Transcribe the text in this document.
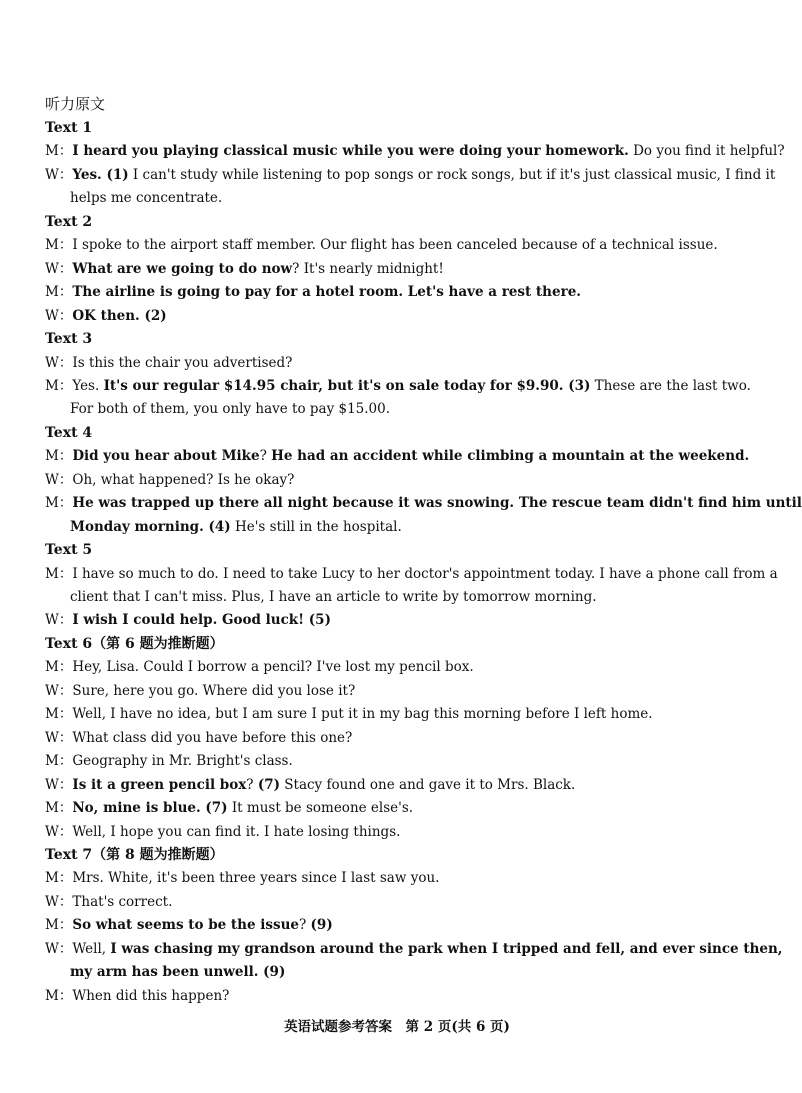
听力原文
Text 1
M：I heard you playing classical music while you were doing your homework. Do you find it helpful?
W：Yes. (1) I can't study while listening to pop songs or rock songs, but if it's just classical music, I find it
helps me concentrate.
Text 2
M：I spoke to the airport staff member. Our flight has been canceled because of a technical issue.
W：What are we going to do now? It's nearly midnight!
M：The airline is going to pay for a hotel room. Let's have a rest there.
W：OK then. (2)
Text 3
W：Is this the chair you advertised?
M：Yes. It's our regular $14.95 chair, but it's on sale today for $9.90. (3) These are the last two.
For both of them, you only have to pay $15.00.
Text 4
M：Did you hear about Mike? He had an accident while climbing a mountain at the weekend.
W：Oh, what happened? Is he okay?
M：He was trapped up there all night because it was snowing. The rescue team didn't find him until
Monday morning. (4) He's still in the hospital.
Text 5
M：I have so much to do. I need to take Lucy to her doctor's appointment today. I have a phone call from a
client that I can't miss. Plus, I have an article to write by tomorrow morning.
W：I wish I could help. Good luck! (5)
Text 6（第 6 题为推断题）
M：Hey, Lisa. Could I borrow a pencil? I've lost my pencil box.
W：Sure, here you go. Where did you lose it?
M：Well, I have no idea, but I am sure I put it in my bag this morning before I left home.
W：What class did you have before this one?
M：Geography in Mr. Bright's class.
W：Is it a green pencil box? (7) Stacy found one and gave it to Mrs. Black.
M：No, mine is blue. (7) It must be someone else's.
W：Well, I hope you can find it. I hate losing things.
Text 7（第 8 题为推断题）
M：Mrs. White, it's been three years since I last saw you.
W：That's correct.
M：So what seems to be the issue? (9)
W：Well, I was chasing my grandson around the park when I tripped and fell, and ever since then,
my arm has been unwell. (9)
M：When did this happen?
英语试题参考答案　第 2 页(共 6 页)
